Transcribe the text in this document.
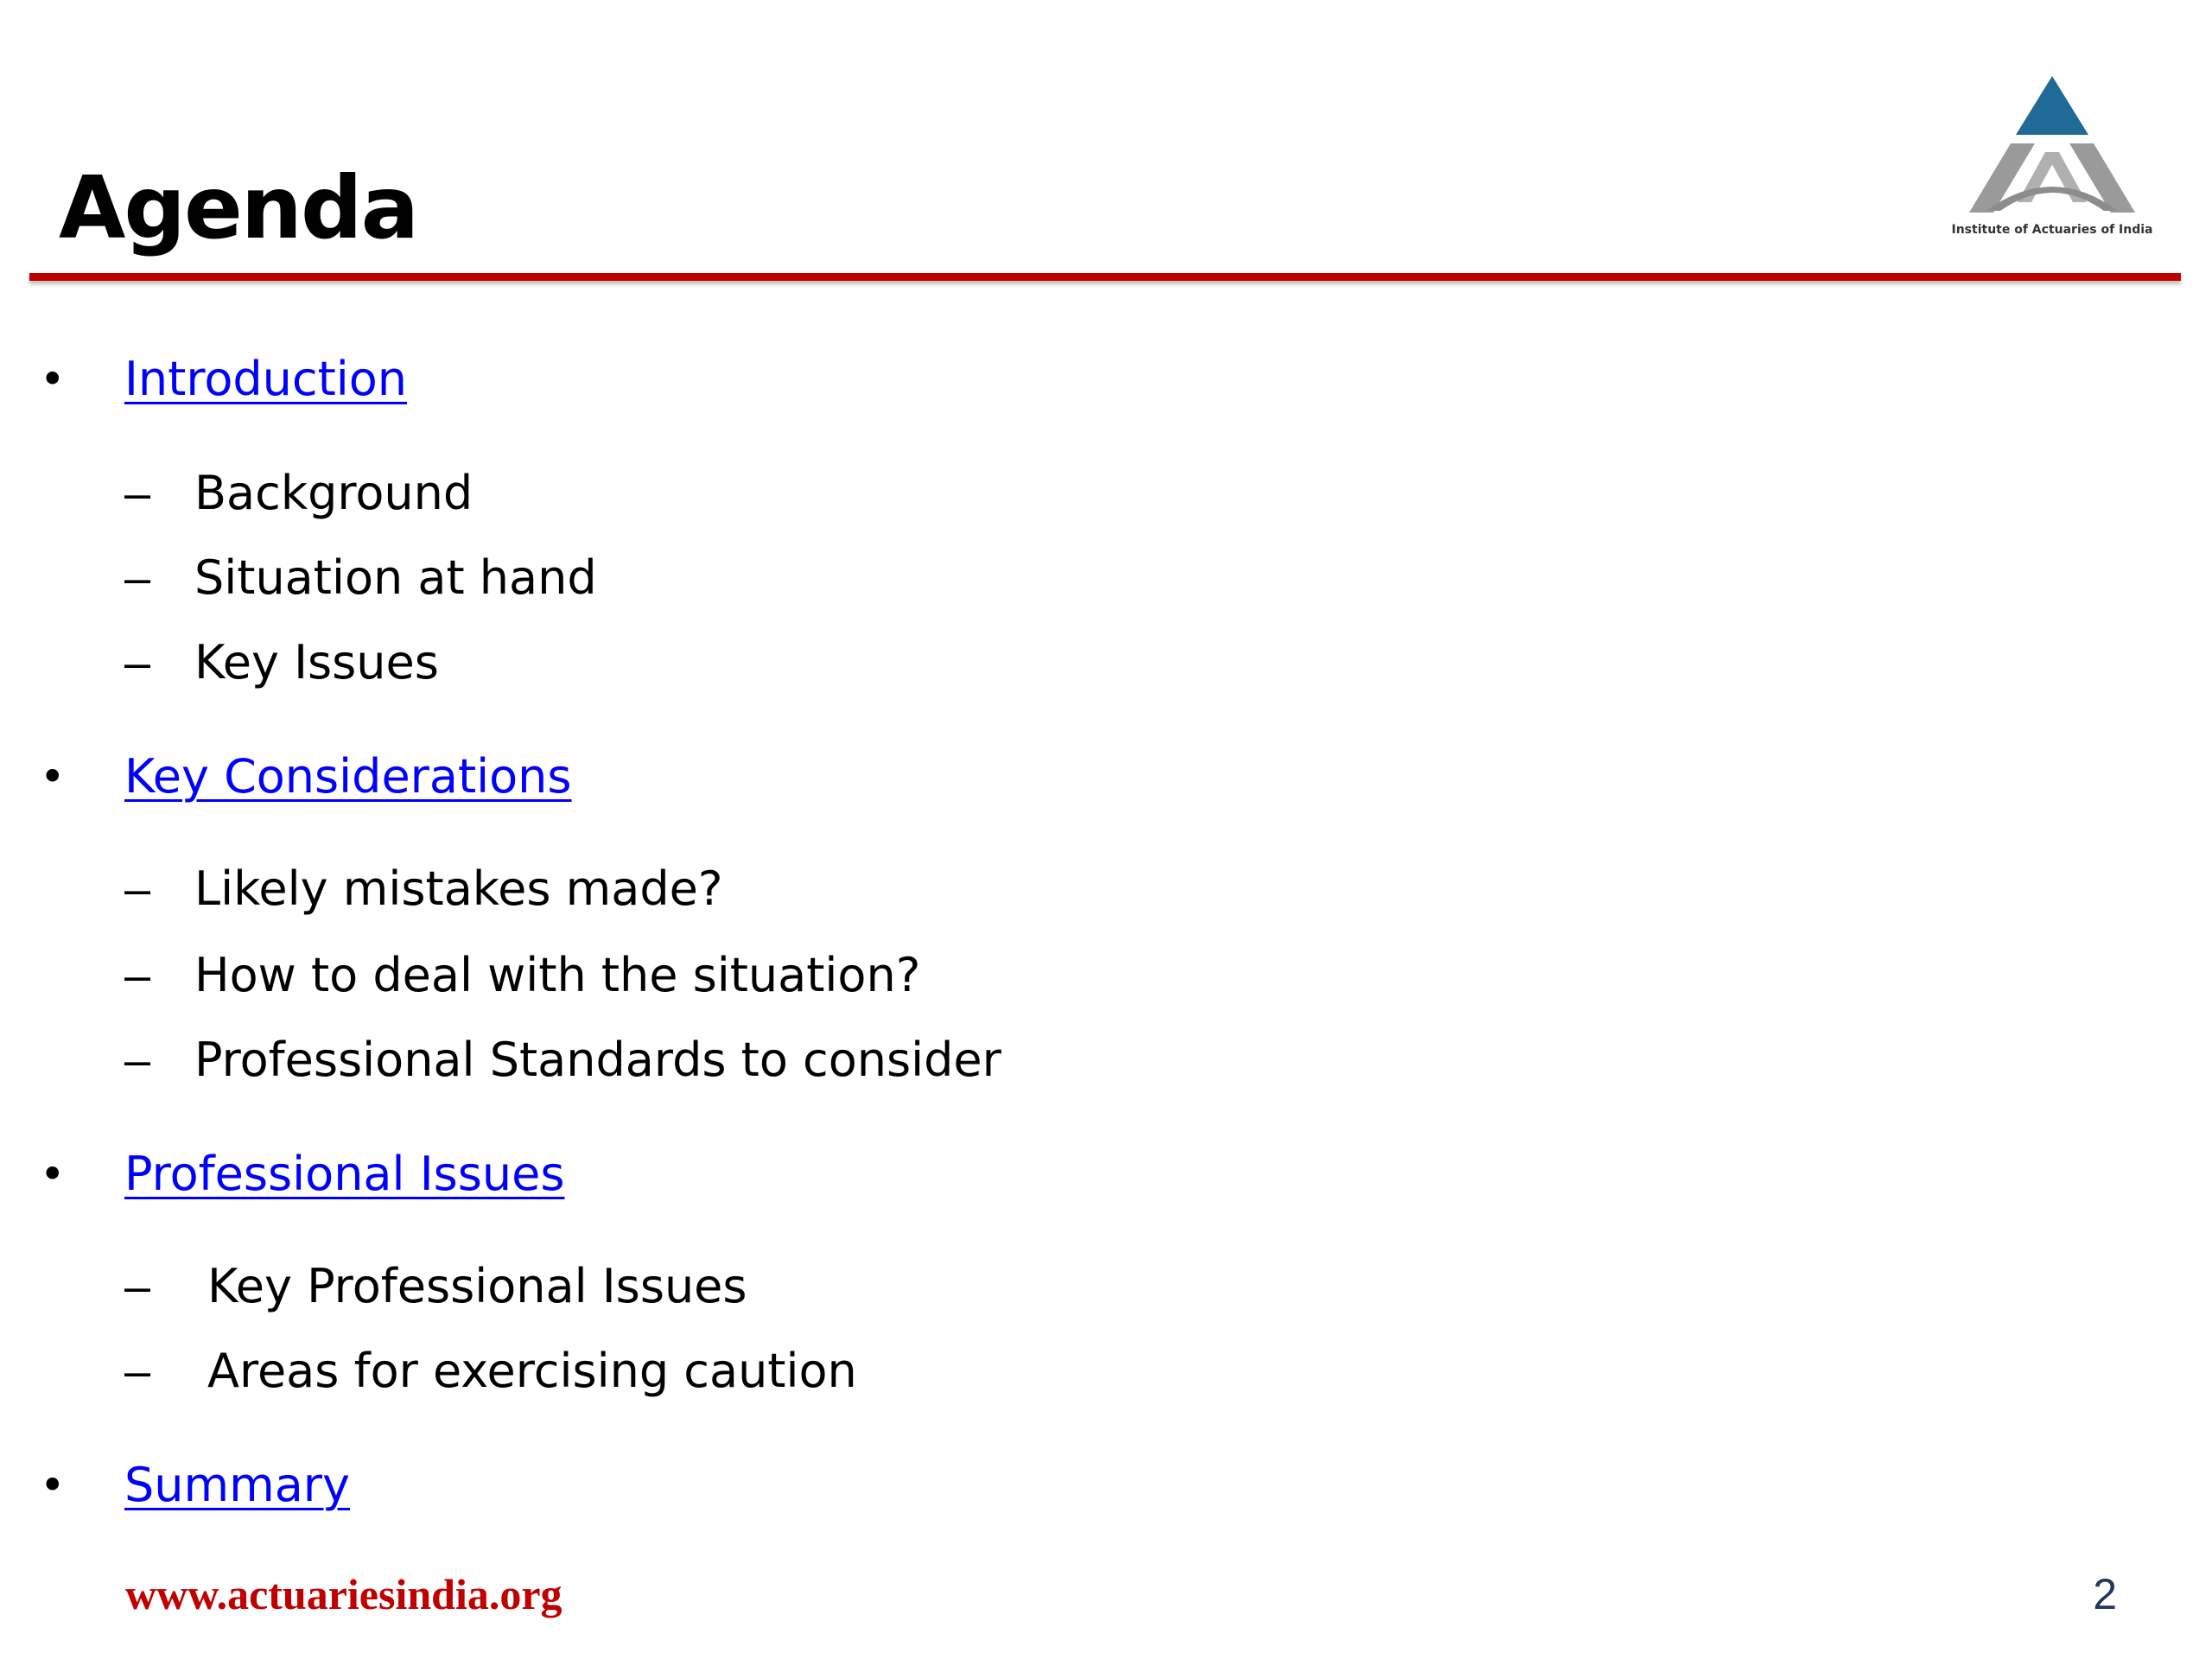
Agenda	Institute of Actuaries of India
• Introduction
– Background
– Situation at hand
– Key Issues
• Key Considerations
– Likely mistakes made?
– How to deal with the situation?
– Professional Standards to consider
• Professional Issues
– Key Professional Issues
– Areas for exercising caution
• Summary
www.actuariesindia.org	2
